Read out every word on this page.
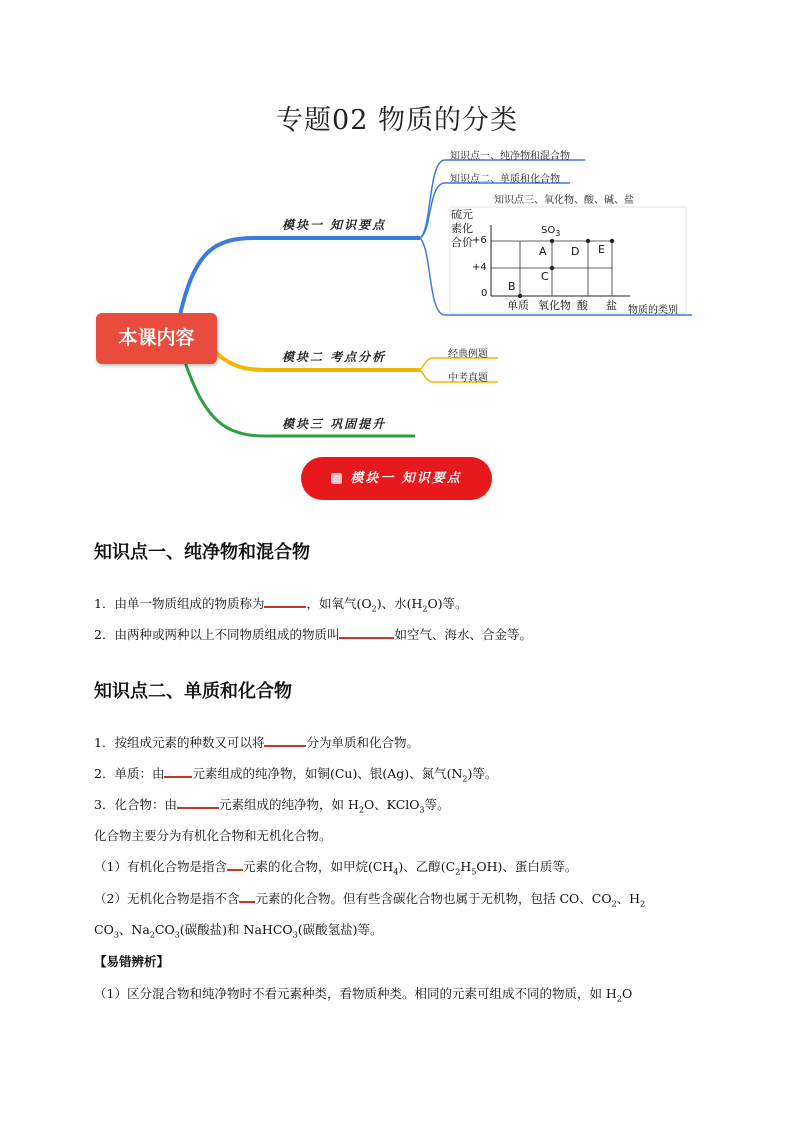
专题02 物质的分类
知识点一、纯净物和混合物
知识点二、单质和化合物
知识点三、氧化物、酸、碱、盐
硫元
素化
合价 +6
+4
0
$SO_3$
A
B
C
D E
单质 氧化物 酸 盐 物质的类别
模块一 知识要点
模块二 考点分析
模块三 巩固提升
经典例题
中考真题
本课内容
模块一 知识要点
知识点一、纯净物和混合物
1．由单一物质组成的物质称为	，如氧气$(O_2)$、水$(H_2O)$等。
2．由两种或两种以上不同物质组成的物质叫	如空气、海水、合金等。
知识点二、单质和化合物
1．按组成元素的种数又可以将	分为单质和化合物。
2．单质：由 元素组成的纯净物，如铜(Cu)、银(Ag)、氮气$(N_2)$等。
3．化合物：由	元素组成的纯净物，如 $H_2O$、KClO$_3$等。
化合物主要分为有机化合物和无机化合物。
（1）有机化合物是指含 元素的化合物，如甲烷$(CH_4)$、乙醇$(C_2H_5OH)$、蛋白质等。
（2）无机化合物是指不含 元素的化合物。但有些含碳化合物也属于无机物，包括 CO、$CO_2$、$H_2$
$CO_3$、$Na_2CO_3$(碳酸盐)和 NaHCO$_3$(碳酸氢盐)等。
【易错辨析】
（1）区分混合物和纯净物时不看元素种类，看物质种类。相同的元素可组成不同的物质，如 $H_2O$
